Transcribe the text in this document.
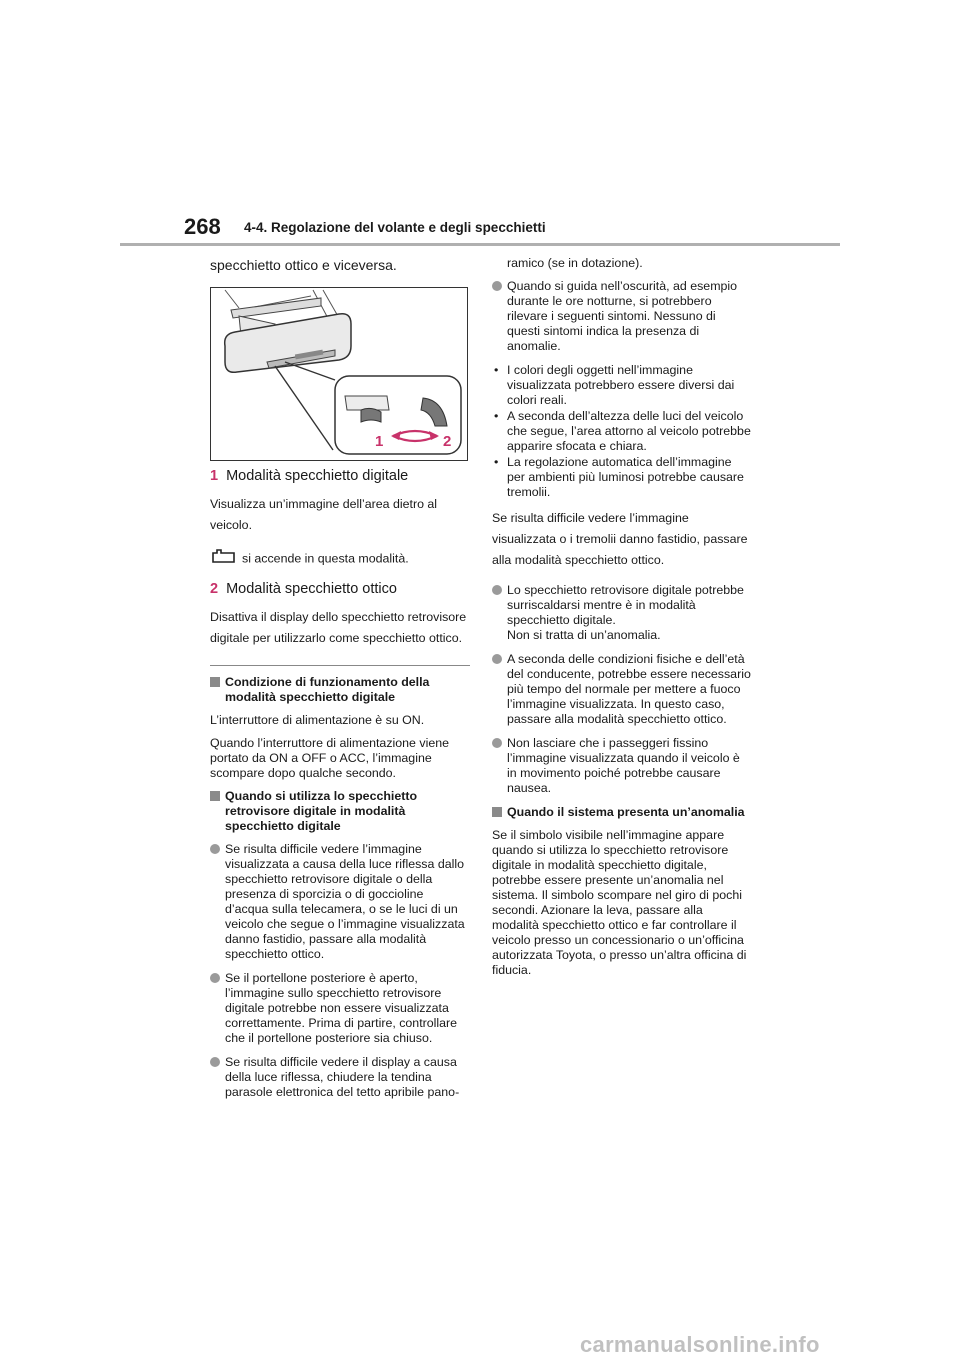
268 4-4. Regolazione del volante e degli specchietti

specchietto ottico e viceversa.

1	2
1 Modalità specchietto digitale

Visualizza un’immagine dell’area dietro al veicolo.

si accende in questa modalità.
2 Modalità specchietto ottico

Disattiva il display dello specchietto retrovisore digitale per utilizzarlo come specchietto ottico.

Condizione di funzionamento della modalità specchietto digitale

L’interruttore di alimentazione è su ON.

Quando l’interruttore di alimentazione viene portato da ON a OFF o ACC, l’immagine scompare dopo qualche secondo.

Quando si utilizza lo specchietto retrovisore digitale in modalità specchietto digitale
Se risulta difficile vedere l’immagine visualizzata a causa della luce riflessa dallo specchietto retrovisore digitale o della presenza di sporcizia o di goccioline d’acqua sulla telecamera, o se le luci di un veicolo che segue o l’immagine visualizzata danno fastidio, passare alla modalità specchietto ottico.
Se il portellone posteriore è aperto, l’immagine sullo specchietto retrovisore digitale potrebbe non essere visualizzata correttamente. Prima di partire, controllare che il portellone posteriore sia chiuso.
Se risulta difficile vedere il display a causa della luce riflessa, chiudere la tendina parasole elettronica del tetto apribile pano-

ramico (se in dotazione).

Quando si guida nell’oscurità, ad esempio durante le ore notturne, si potrebbero rilevare i seguenti sintomi. Nessuno di questi sintomi indica la presenza di anomalie.
• I colori degli oggetti nell’immagine visualizzata potrebbero essere diversi dai colori reali.
• A seconda dell’altezza delle luci del veicolo che segue, l’area attorno al veicolo potrebbe apparire sfocata e chiara.
• La regolazione automatica dell’immagine per ambienti più luminosi potrebbe causare tremolii.

Se risulta difficile vedere l’immagine visualizzata o i tremolii danno fastidio, passare alla modalità specchietto ottico.

Lo specchietto retrovisore digitale potrebbe surriscaldarsi mentre è in modalità specchietto digitale.
Non si tratta di un’anomalia.
A seconda delle condizioni fisiche e dell’età del conducente, potrebbe essere necessario più tempo del normale per mettere a fuoco l’immagine visualizzata. In questo caso, passare alla modalità specchietto ottico.
Non lasciare che i passeggeri fissino l’immagine visualizzata quando il veicolo è in movimento poiché potrebbe causare nausea.
Quando il sistema presenta un’anomalia

Se il simbolo visibile nell’immagine appare quando si utilizza lo specchietto retrovisore digitale in modalità specchietto digitale, potrebbe essere presente un’anomalia nel sistema. Il simbolo scompare nel giro di pochi secondi. Azionare la leva, passare alla modalità specchietto ottico e far controllare il veicolo presso un concessionario o un’officina autorizzata Toyota, o presso un’altra officina di fiducia.

carmanualsonline.info
